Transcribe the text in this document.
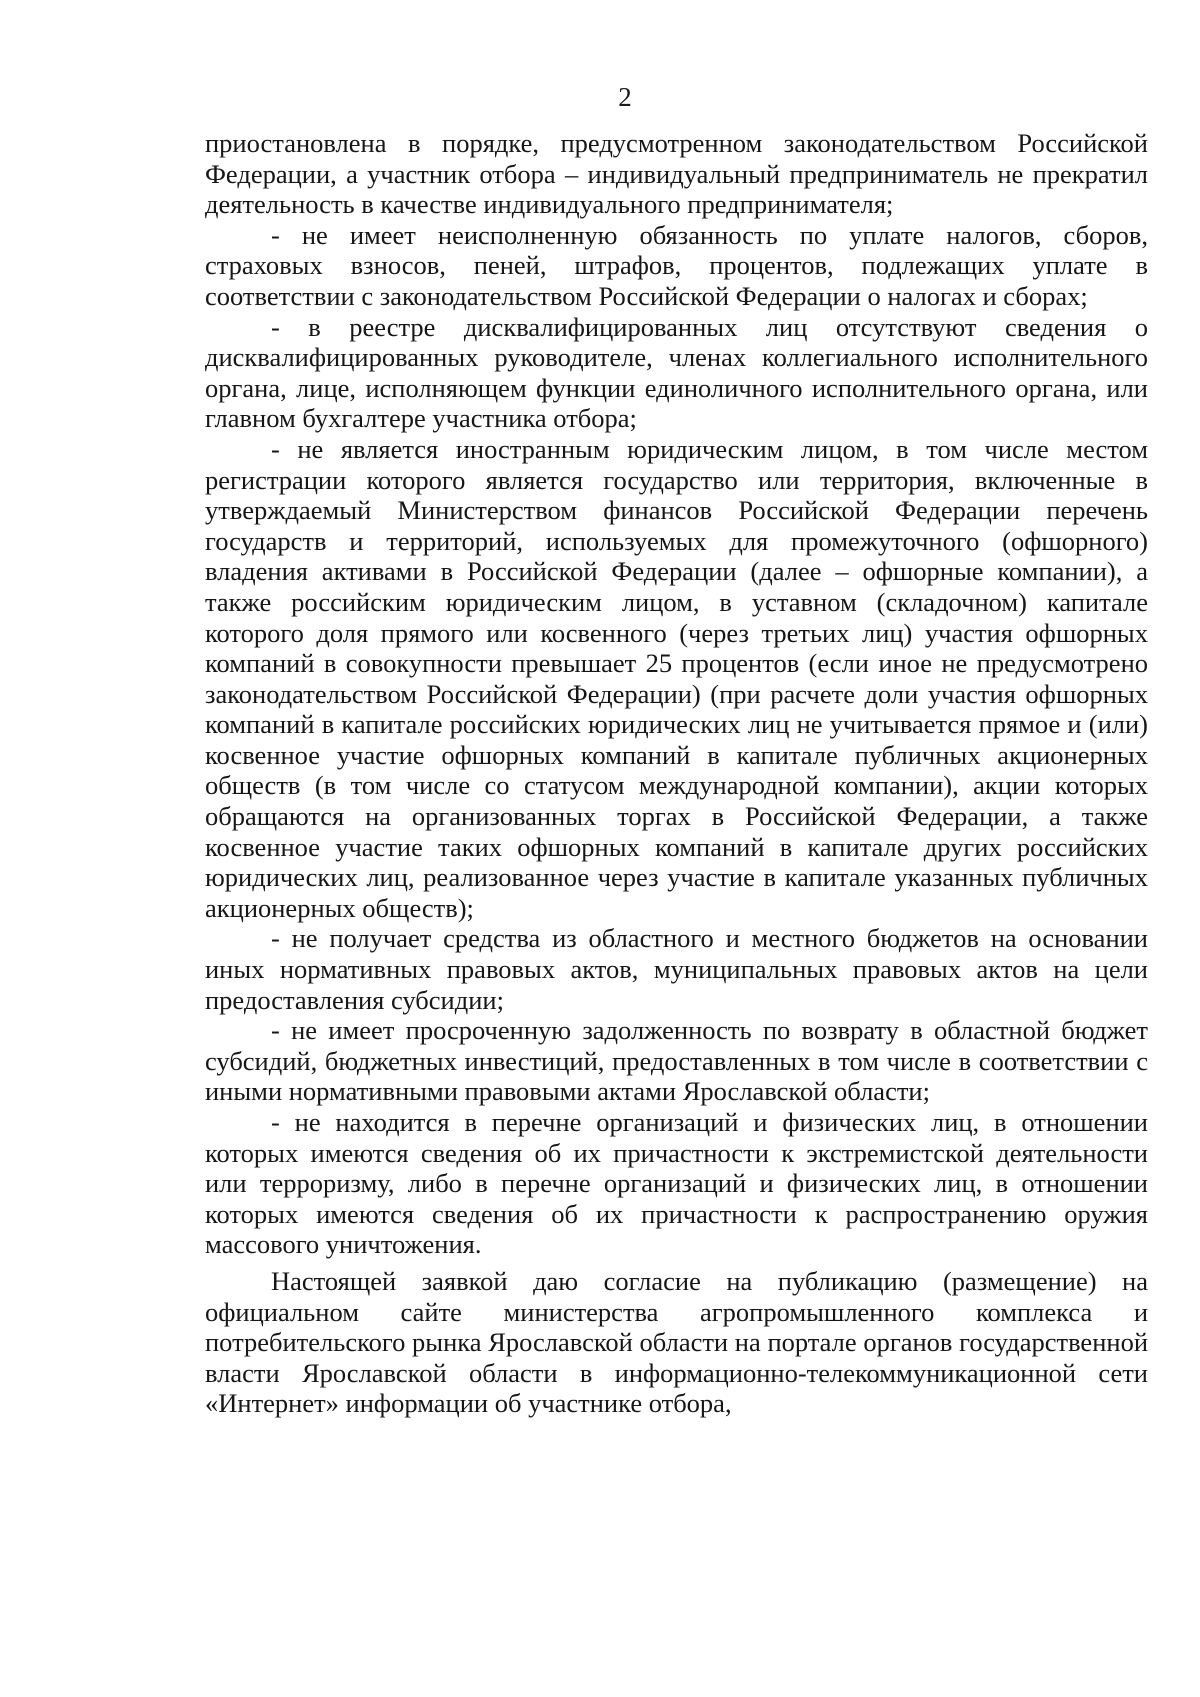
2

приостановлена в порядке, предусмотренном законодательством Российской Федерации, а участник отбора – индивидуальный предприниматель не прекратил деятельность в качестве индивидуального предпринимателя;

- не имеет неисполненную обязанность по уплате налогов, сборов, страховых взносов, пеней, штрафов, процентов, подлежащих уплате в соответствии с законодательством Российской Федерации о налогах и сборах;

- в реестре дисквалифицированных лиц отсутствуют сведения о дисквалифицированных руководителе, членах коллегиального исполнительного органа, лице, исполняющем функции единоличного исполнительного органа, или главном бухгалтере участника отбора;

- не является иностранным юридическим лицом, в том числе местом регистрации которого является государство или территория, включенные в утверждаемый Министерством финансов Российской Федерации перечень государств и территорий, используемых для промежуточного (офшорного) владения активами в Российской Федерации (далее – офшорные компании), а также российским юридическим лицом, в уставном (складочном) капитале которого доля прямого или косвенного (через третьих лиц) участия офшорных компаний в совокупности превышает 25 процентов (если иное не предусмотрено законодательством Российской Федерации) (при расчете доли участия офшорных компаний в капитале российских юридических лиц не учитывается прямое и (или) косвенное участие офшорных компаний в капитале публичных акционерных обществ (в том числе со статусом международной компании), акции которых обращаются на организованных торгах в Российской Федерации, а также косвенное участие таких офшорных компаний в капитале других российских юридических лиц, реализованное через участие в капитале указанных публичных акционерных обществ);

- не получает средства из областного и местного бюджетов на основании иных нормативных правовых актов, муниципальных правовых актов на цели предоставления субсидии;

- не имеет просроченную задолженность по возврату в областной бюджет субсидий, бюджетных инвестиций, предоставленных в том числе в соответствии с иными нормативными правовыми актами Ярославской области;

- не находится в перечне организаций и физических лиц, в отношении которых имеются сведения об их причастности к экстремистской деятельности или терроризму, либо в перечне организаций и физических лиц, в отношении которых имеются сведения об их причастности к распространению оружия массового уничтожения.

Настоящей заявкой даю согласие на публикацию (размещение) на официальном сайте министерства агропромышленного комплекса и потребительского рынка Ярославской области на портале органов государственной власти Ярославской области в информационно-телекоммуникационной сети «Интернет» информации об участнике отбора,
